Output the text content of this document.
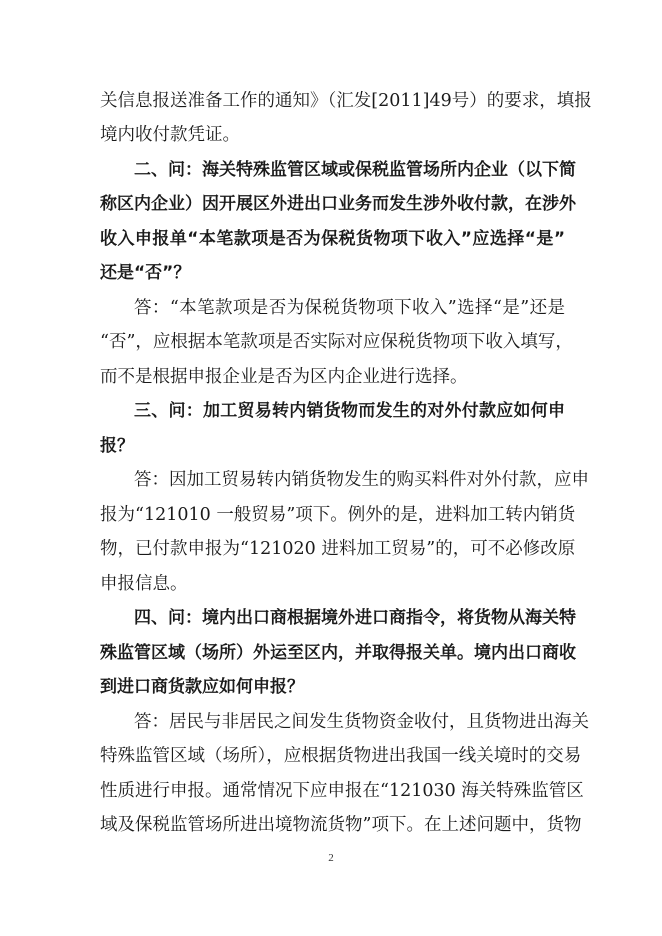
关信息报送准备工作的通知》（汇发[2011]49号）的要求，填报
境内收付款凭证。
二、问：海关特殊监管区域或保税监管场所内企业（以下简
称区内企业）因开展区外进出口业务而发生涉外收付款，在涉外
收入申报单“本笔款项是否为保税货物项下收入”应选择“是”
还是“否”？
答：“本笔款项是否为保税货物项下收入”选择“是”还是
“否”，应根据本笔款项是否实际对应保税货物项下收入填写，
而不是根据申报企业是否为区内企业进行选择。
三、问：加工贸易转内销货物而发生的对外付款应如何申
报？
答：因加工贸易转内销货物发生的购买料件对外付款，应申
报为“121010 一般贸易”项下。例外的是，进料加工转内销货
物，已付款申报为“121020 进料加工贸易”的，可不必修改原
申报信息。
四、问：境内出口商根据境外进口商指令，将货物从海关特
殊监管区域（场所）外运至区内，并取得报关单。境内出口商收
到进口商货款应如何申报？
答：居民与非居民之间发生货物资金收付，且货物进出海关
特殊监管区域（场所），应根据货物进出我国一线关境时的交易
性质进行申报。通常情况下应申报在“121030 海关特殊监管区
域及保税监管场所进出境物流货物”项下。在上述问题中，货物
2
